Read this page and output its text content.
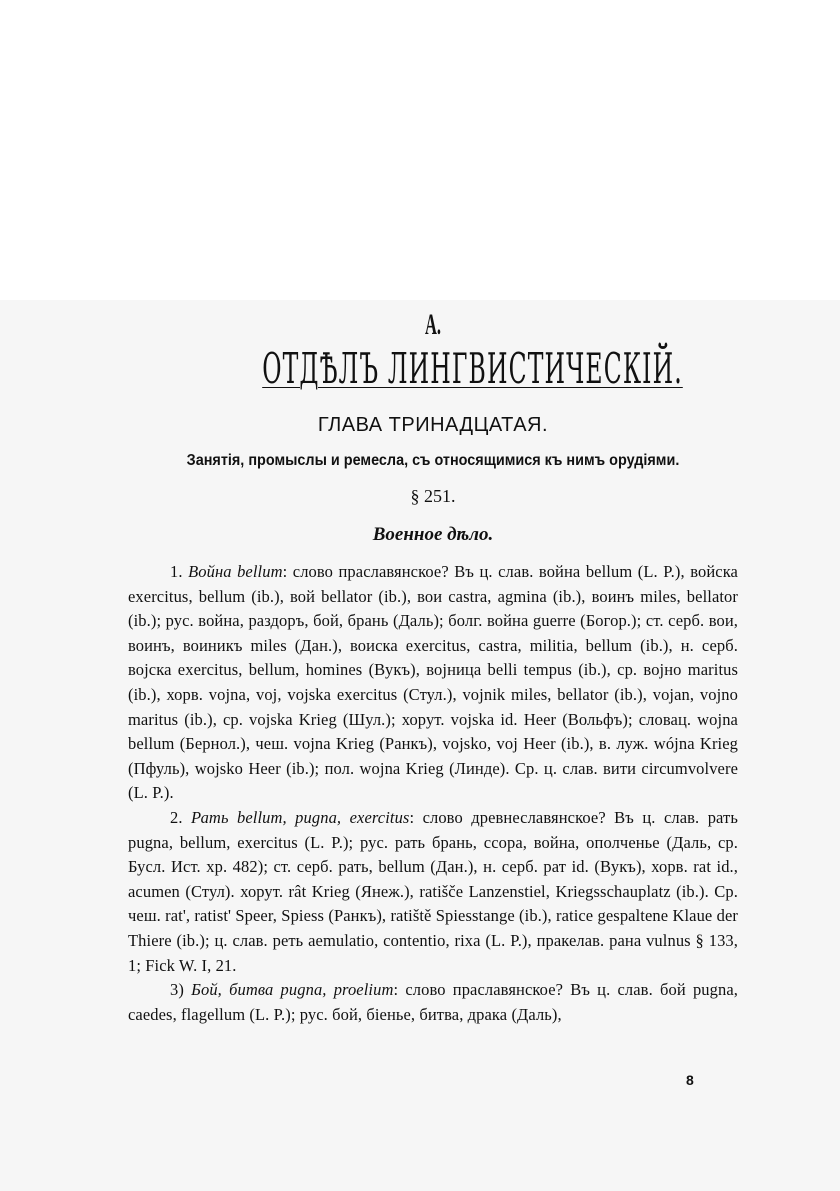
А.
ОТДѢЛЪ ЛИНГВИСТИЧЕСКІЙ.
ГЛАВА ТРИНАДЦАТАЯ.
Занятія, промыслы и ремесла, съ относящимися къ нимъ орудіями.
§ 251.
Военное дѣло.

1. Война bellum: слово праславянское? Въ ц. слав. война bellum (L. P.), войска exercitus, bellum (ib.), вой bellator (ib.), вои castra, agmina (ib.), воинъ miles, bellator (ib.); рус. война, раздоръ, бой, брань (Даль); болг. война guerre (Богор.); ст. серб. вои, воинъ, воиникъ miles (Дан.), воиска exercitus, castra, militia, bellum (ib.), н. серб. војска exercitus, bellum, homines (Вукъ), војница belli tempus (ib.), ср. војно maritus (ib.), хорв. vojna, voj, vojska exercitus (Стул.), vojnik miles, bellator (ib.), vojan, vojno maritus (ib.), ср. vojska Krieg (Шул.); хорут. vojska id. Heer (Вольфъ); словац. wojna bellum (Бернол.), чеш. vojna Krieg (Ранкъ), vojsko, voj Heer (ib.), в. луж. wójna Krieg (Пфуль), wojsko Heer (ib.); пол. wojna Krieg (Линде). Ср. ц. слав. вити circumvolvere (L. P.).

2. Рать bellum, pugna, exercitus: слово древнеславянское? Въ ц. слав. рать pugna, bellum, exercitus (L. P.); рус. рать брань, ссора, война, ополченье (Даль, ср. Бусл. Ист. хр. 482); ст. серб. рать, bellum (Дан.), н. серб. рат id. (Вукъ), хорв. rat id., acumen (Стул). хорут. rât Krieg (Янеж.), ratišče Lanzenstiel, Kriegsschauplatz (ib.). Ср. чеш. rat', ratist' Speer, Spiess (Ранкъ), ratiště Spiesstange (ib.), ratice gespaltene Klaue der Thiere (ib.); ц. слав. реть aemulatio, contentio, rixa (L. P.), пракелав. рана vulnus § 133, 1; Fick W. I, 21.

3) Бой, битва pugna, proelium: слово праславянское? Въ ц. слав. бой pugna, caedes, flagellum (L. P.); рус. бой, біенье, битва, драка (Даль),

8
